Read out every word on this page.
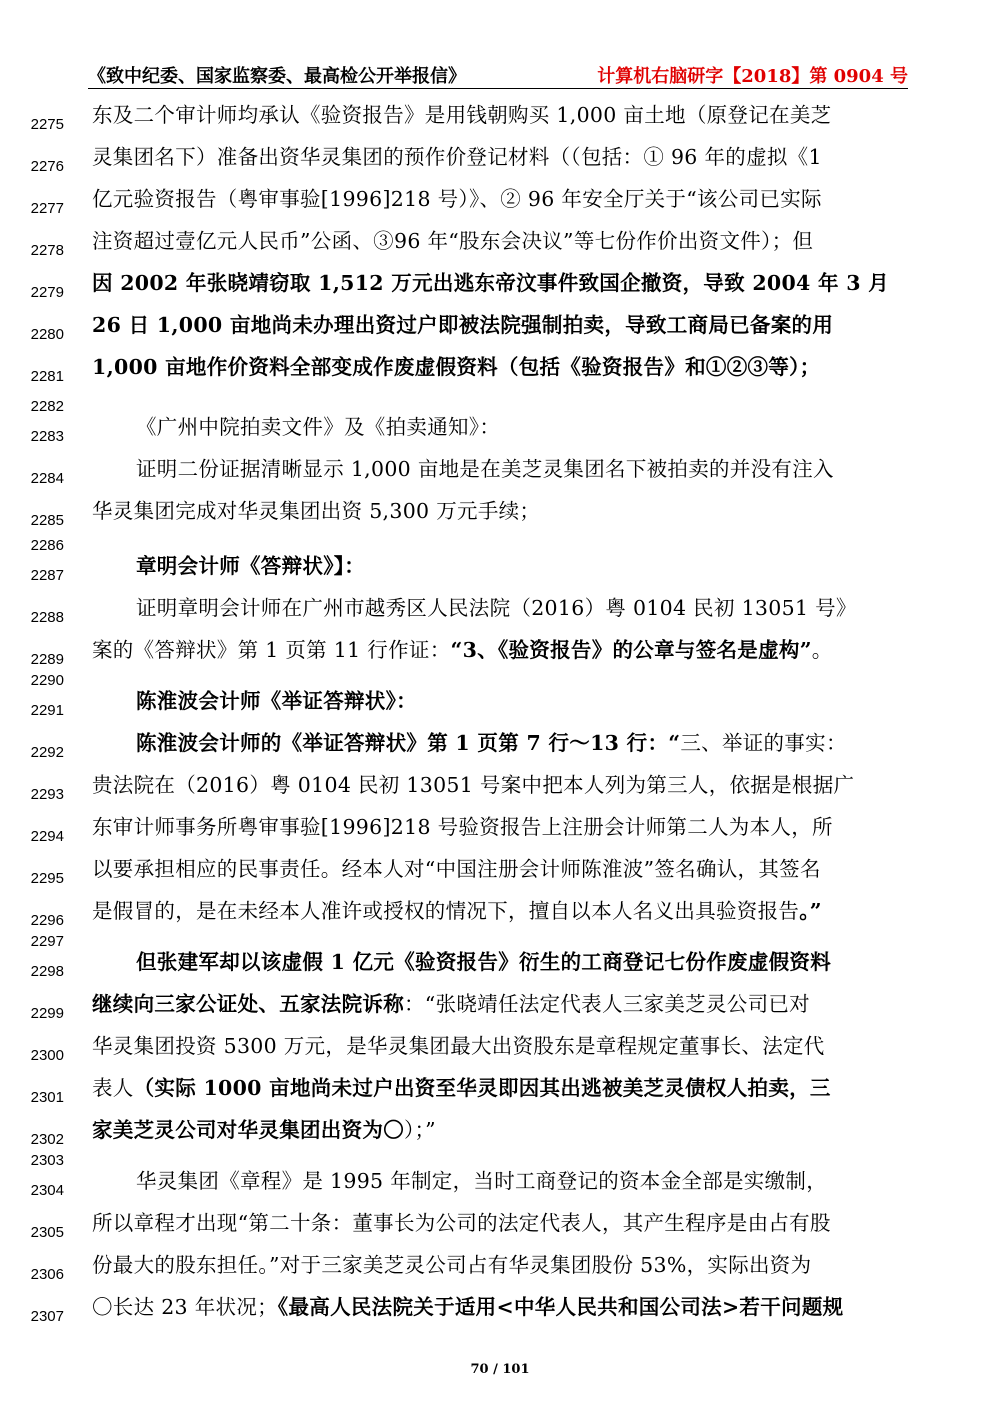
《致中纪委、国家监察委、最高检公开举报信》	计算机右脑研字【2018】第 0904 号
2275 东及二个审计师均承认《验资报告》是用钱朝购买 1,000 亩土地（原登记在美芝
2276 灵集团名下）准备出资华灵集团的预作价登记材料（（包括：① 96 年的虚拟《1
2277 亿元验资报告（粤审事验[1996]218 号）》、② 96 年安全厅关于“该公司已实际
2278 注资超过壹亿元人民币”公函、③96 年“股东会决议”等七份作价出资文件）；但
2279 因 2002 年张晓靖窃取 1,512 万元出逃东帝汶事件致国企撤资，导致 2004 年 3 月
2280 26 日 1,000 亩地尚未办理出资过户即被法院强制拍卖，导致工商局已备案的用
2281 1,000 亩地作价资料全部变成作废虚假资料（包括《验资报告》和①②③等）；
2282
2283	《广州中院拍卖文件》及《拍卖通知》：
2284	证明二份证据清晰显示 1,000 亩地是在美芝灵集团名下被拍卖的并没有注入
2285 华灵集团完成对华灵集团出资 5,300 万元手续；
2286
2287	章明会计师《答辩状》】：
2288	证明章明会计师在广州市越秀区人民法院（2016）粤 0104 民初 13051 号》
2289 案的《答辩状》第 1 页第 11 行作证：“3、《验资报告》的公章与签名是虚构”。
2290
2291	陈淮波会计师《举证答辩状》：
2292	陈淮波会计师的《举证答辩状》第 1 页第 7 行～13 行：“三、举证的事实：
2293 贵法院在（2016）粤 0104 民初 13051 号案中把本人列为第三人，依据是根据广
2294 东审计师事务所粤审事验[1996]218 号验资报告上注册会计师第二人为本人，所
2295 以要承担相应的民事责任。经本人对“中国注册会计师陈淮波”签名确认，其签名
2296 是假冒的，是在未经本人准许或授权的情况下，擅自以本人名义出具验资报告。”
2297
2298	但张建军却以该虚假 1 亿元《验资报告》衍生的工商登记七份作废虚假资料
2299 继续向三家公证处、五家法院诉称：“张晓靖任法定代表人三家美芝灵公司已对
2300 华灵集团投资 5300 万元，是华灵集团最大出资股东是章程规定董事长、法定代
2301 表人（实际 1000 亩地尚未过户出资至华灵即因其出逃被美芝灵债权人拍卖，三
2302 家美芝灵公司对华灵集团出资为〇）；”
2303
2304	华灵集团《章程》是 1995 年制定，当时工商登记的资本金全部是实缴制，
2305 所以章程才出现“第二十条：董事长为公司的法定代表人，其产生程序是由占有股
2306 份最大的股东担任。”对于三家美芝灵公司占有华灵集团股份 53%，实际出资为
2307 〇长达 23 年状况；《最高人民法院关于适用<中华人民共和国公司法>若干问题规
70 / 101
